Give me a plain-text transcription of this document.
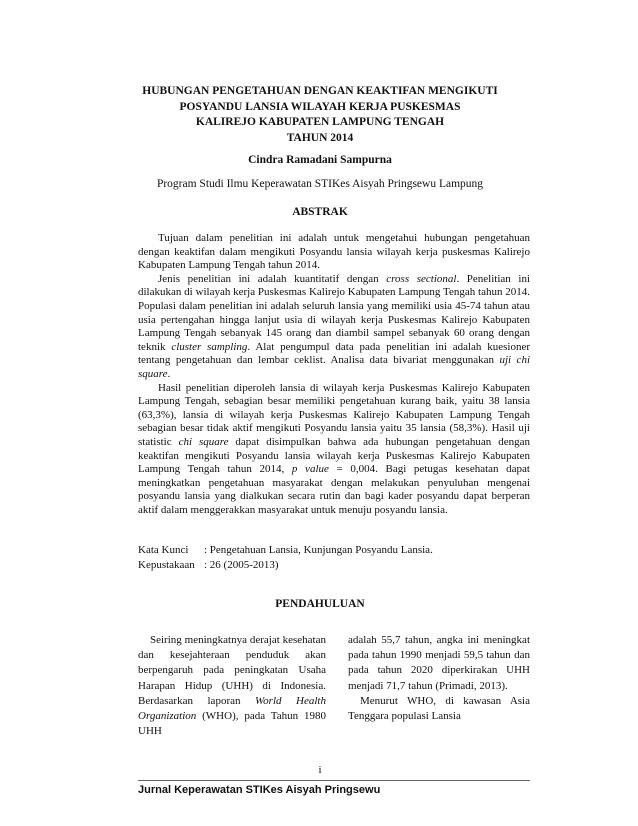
HUBUNGAN PENGETAHUAN DENGAN KEAKTIFAN MENGIKUTI
POSYANDU LANSIA WILAYAH KERJA PUSKESMAS
KALIREJO KABUPATEN LAMPUNG TENGAH
TAHUN 2014
Cindra Ramadani Sampurna
Program Studi Ilmu Keperawatan STIKes Aisyah Pringsewu Lampung
ABSTRAK

Tujuan dalam penelitian ini adalah untuk mengetahui hubungan pengetahuan dengan keaktifan dalam mengikuti Posyandu lansia wilayah kerja puskesmas Kalirejo Kabupaten Lampung Tengah tahun 2014.

Jenis penelitian ini adalah kuantitatif dengan cross sectional. Penelitian ini dilakukan di wilayah kerja Puskesmas Kalirejo Kabupaten Lampung Tengah tahun 2014. Populasi dalam penelitian ini adalah seluruh lansia yang memiliki usia 45-74 tahun atau usia pertengahan hingga lanjut usia di wilayah kerja Puskesmas Kalirejo Kabupaten Lampung Tengah sebanyak 145 orang dan diambil sampel sebanyak 60 orang dengan teknik cluster sampling. Alat pengumpul data pada penelitian ini adalah kuesioner tentang pengetahuan dan lembar ceklist. Analisa data bivariat menggunakan uji chi square.

Hasil penelitian diperoleh lansia di wilayah kerja Puskesmas Kalirejo Kabupaten Lampung Tengah, sebagian besar memiliki pengetahuan kurang baik, yaitu 38 lansia (63,3%), lansia di wilayah kerja Puskesmas Kalirejo Kabupaten Lampung Tengah sebagian besar tidak aktif mengikuti Posyandu lansia yaitu 35 lansia (58,3%). Hasil uji statistic chi square dapat disimpulkan bahwa ada hubungan pengetahuan dengan keaktifan mengikuti Posyandu lansia wilayah kerja Puskesmas Kalirejo Kabupaten Lampung Tengah tahun 2014, p value = 0,004. Bagi petugas kesehatan dapat meningkatkan pengetahuan masyarakat dengan melakukan penyuluhan mengenai posyandu lansia yang dialkukan secara rutin dan bagi kader posyandu dapat berperan aktif dalam menggerakkan masyarakat untuk menuju posyandu lansia.

Kata Kunci	: Pengetahuan Lansia, Kunjungan Posyandu Lansia.
Kepustakaan : 26 (2005-2013)
PENDAHULUAN

Seiring meningkatnya derajat kesehatan dan kesejahteraan penduduk akan berpengaruh pada peningkatan Usaha Harapan Hidup (UHH) di Indonesia. Berdasarkan laporan World Health Organization (WHO), pada Tahun 1980 UHH

adalah 55,7 tahun, angka ini meningkat pada tahun 1990 menjadi 59,5 tahun dan pada tahun 2020 diperkirakan UHH menjadi 71,7 tahun (Primadi, 2013).

Menurut WHO, di kawasan Asia Tenggara populasi Lansia

i
Jurnal Keperawatan STIKes Aisyah Pringsewu
